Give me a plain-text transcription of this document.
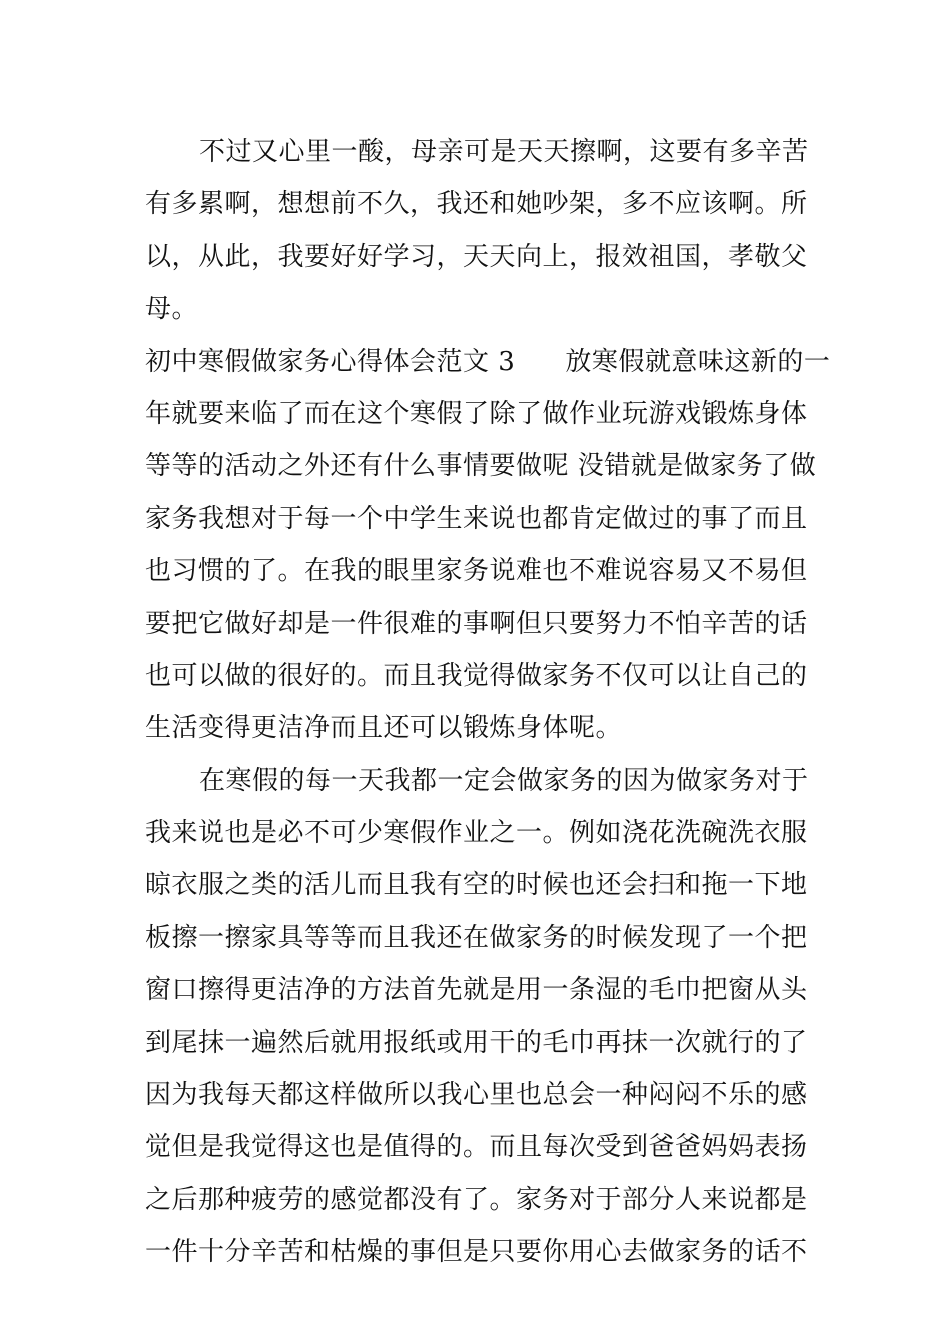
不过又心里一酸，母亲可是天天擦啊，这要有多辛苦
有多累啊，想想前不久，我还和她吵架，多不应该啊。所
以，从此，我要好好学习，天天向上，报效祖国，孝敬父
母。
初中寒假做家务心得体会范文 3 放寒假就意味这新的一
年就要来临了而在这个寒假了除了做作业玩游戏锻炼身体
等等的活动之外还有什么事情要做呢 没错就是做家务了做
家务我想对于每一个中学生来说也都肯定做过的事了而且
也习惯的了。在我的眼里家务说难也不难说容易又不易但
要把它做好却是一件很难的事啊但只要努力不怕辛苦的话
也可以做的很好的。而且我觉得做家务不仅可以让自己的
生活变得更洁净而且还可以锻炼身体呢。
在寒假的每一天我都一定会做家务的因为做家务对于
我来说也是必不可少寒假作业之一。例如浇花洗碗洗衣服
晾衣服之类的活儿而且我有空的时候也还会扫和拖一下地
板擦一擦家具等等而且我还在做家务的时候发现了一个把
窗口擦得更洁净的方法首先就是用一条湿的毛巾把窗从头
到尾抹一遍然后就用报纸或用干的毛巾再抹一次就行的了
因为我每天都这样做所以我心里也总会一种闷闷不乐的感
觉但是我觉得这也是值得的。而且每次受到爸爸妈妈表扬
之后那种疲劳的感觉都没有了。家务对于部分人来说都是
一件十分辛苦和枯燥的事但是只要你用心去做家务的话不
